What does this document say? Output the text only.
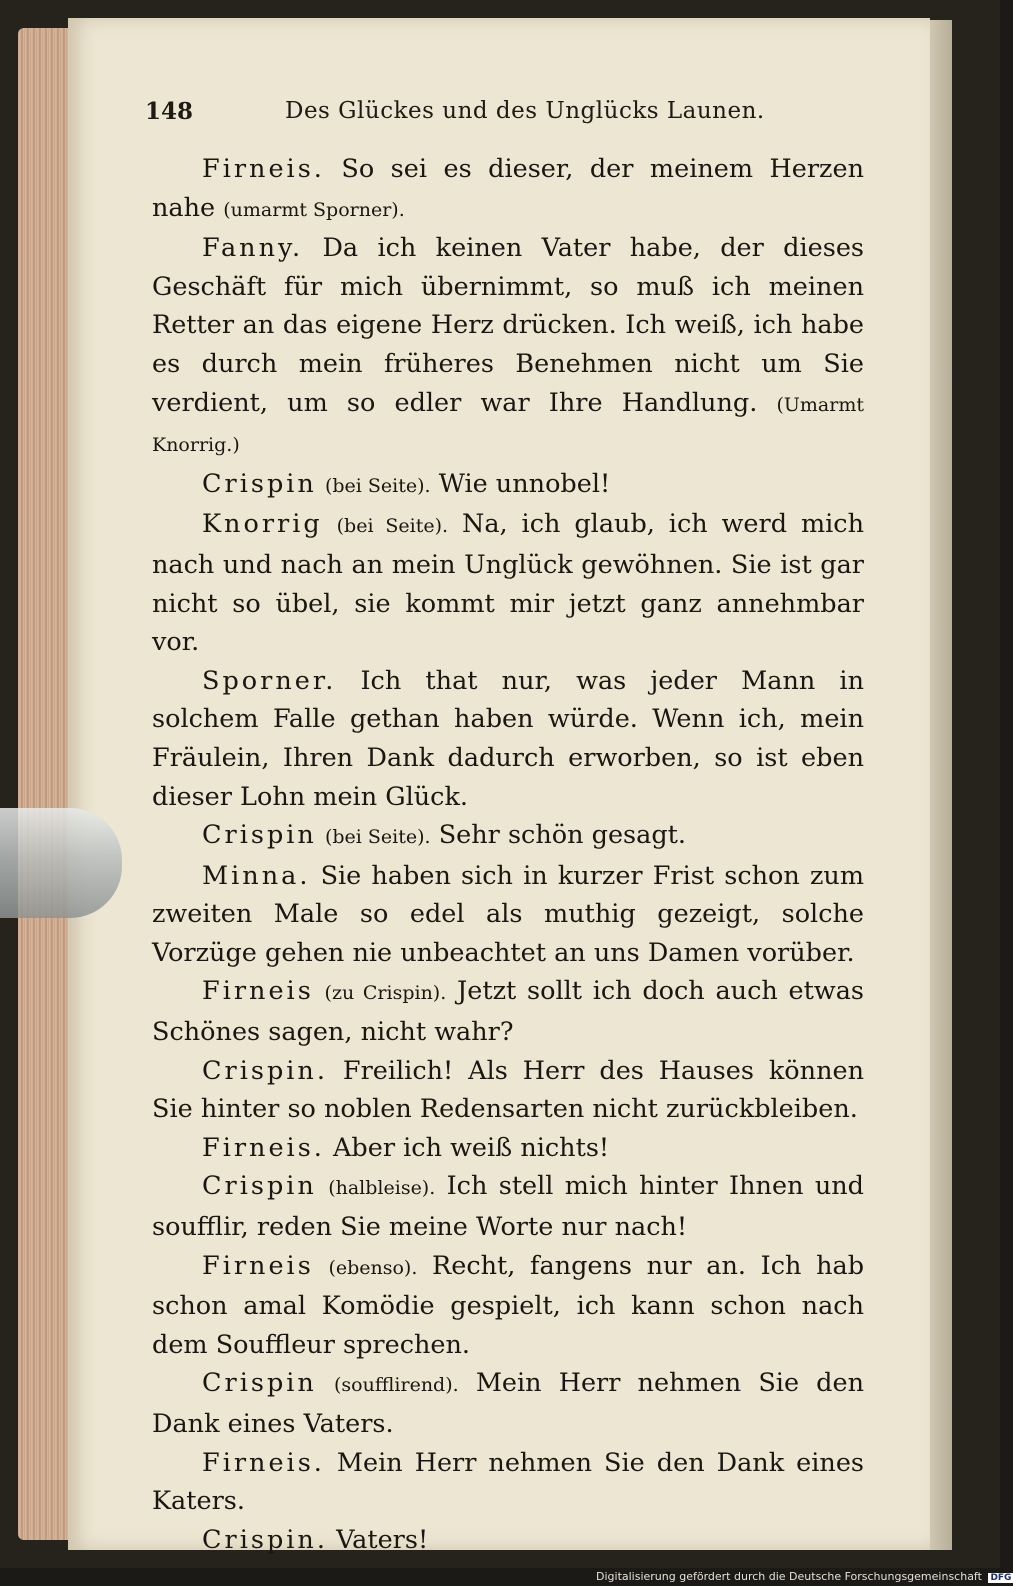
148	Des Glückes und des Unglücks Launen.

Firneis. So sei es dieser, der meinem Herzen nahe (umarmt Sporner).

Fanny. Da ich keinen Vater habe, der dieses Geschäft für mich übernimmt, so muß ich meinen Retter an das eigene Herz drücken. Ich weiß, ich habe es durch mein früheres Benehmen nicht um Sie verdient, um so edler war Ihre Handlung. (Umarmt Knorrig.)

Crispin (bei Seite). Wie unnobel!

Knorrig (bei Seite). Na, ich glaub, ich werd mich nach und nach an mein Unglück gewöhnen. Sie ist gar nicht so übel, sie kommt mir jetzt ganz annehmbar vor.

Sporner. Ich that nur, was jeder Mann in solchem Falle gethan haben würde. Wenn ich, mein Fräulein, Ihren Dank dadurch erworben, so ist eben dieser Lohn mein Glück.

Crispin (bei Seite). Sehr schön gesagt.

Minna. Sie haben sich in kurzer Frist schon zum zweiten Male so edel als muthig gezeigt, solche Vorzüge gehen nie unbeachtet an uns Damen vorüber.

Firneis (zu Crispin). Jetzt sollt ich doch auch etwas Schönes sagen, nicht wahr?

Crispin. Freilich! Als Herr des Hauses können Sie hinter so noblen Redensarten nicht zurückbleiben.

Firneis. Aber ich weiß nichts!

Crispin (halbleise). Ich stell mich hinter Ihnen und soufflir, reden Sie meine Worte nur nach!

Firneis (ebenso). Recht, fangens nur an. Ich hab schon amal Komödie gespielt, ich kann schon nach dem Souffleur sprechen.

Crispin (soufflirend). Mein Herr nehmen Sie den Dank eines Vaters.

Firneis. Mein Herr nehmen Sie den Dank eines Katers.

Crispin. Vaters!

Digitalisierung gefördert durch die Deutsche Forschungsgemeinschaft DFG
